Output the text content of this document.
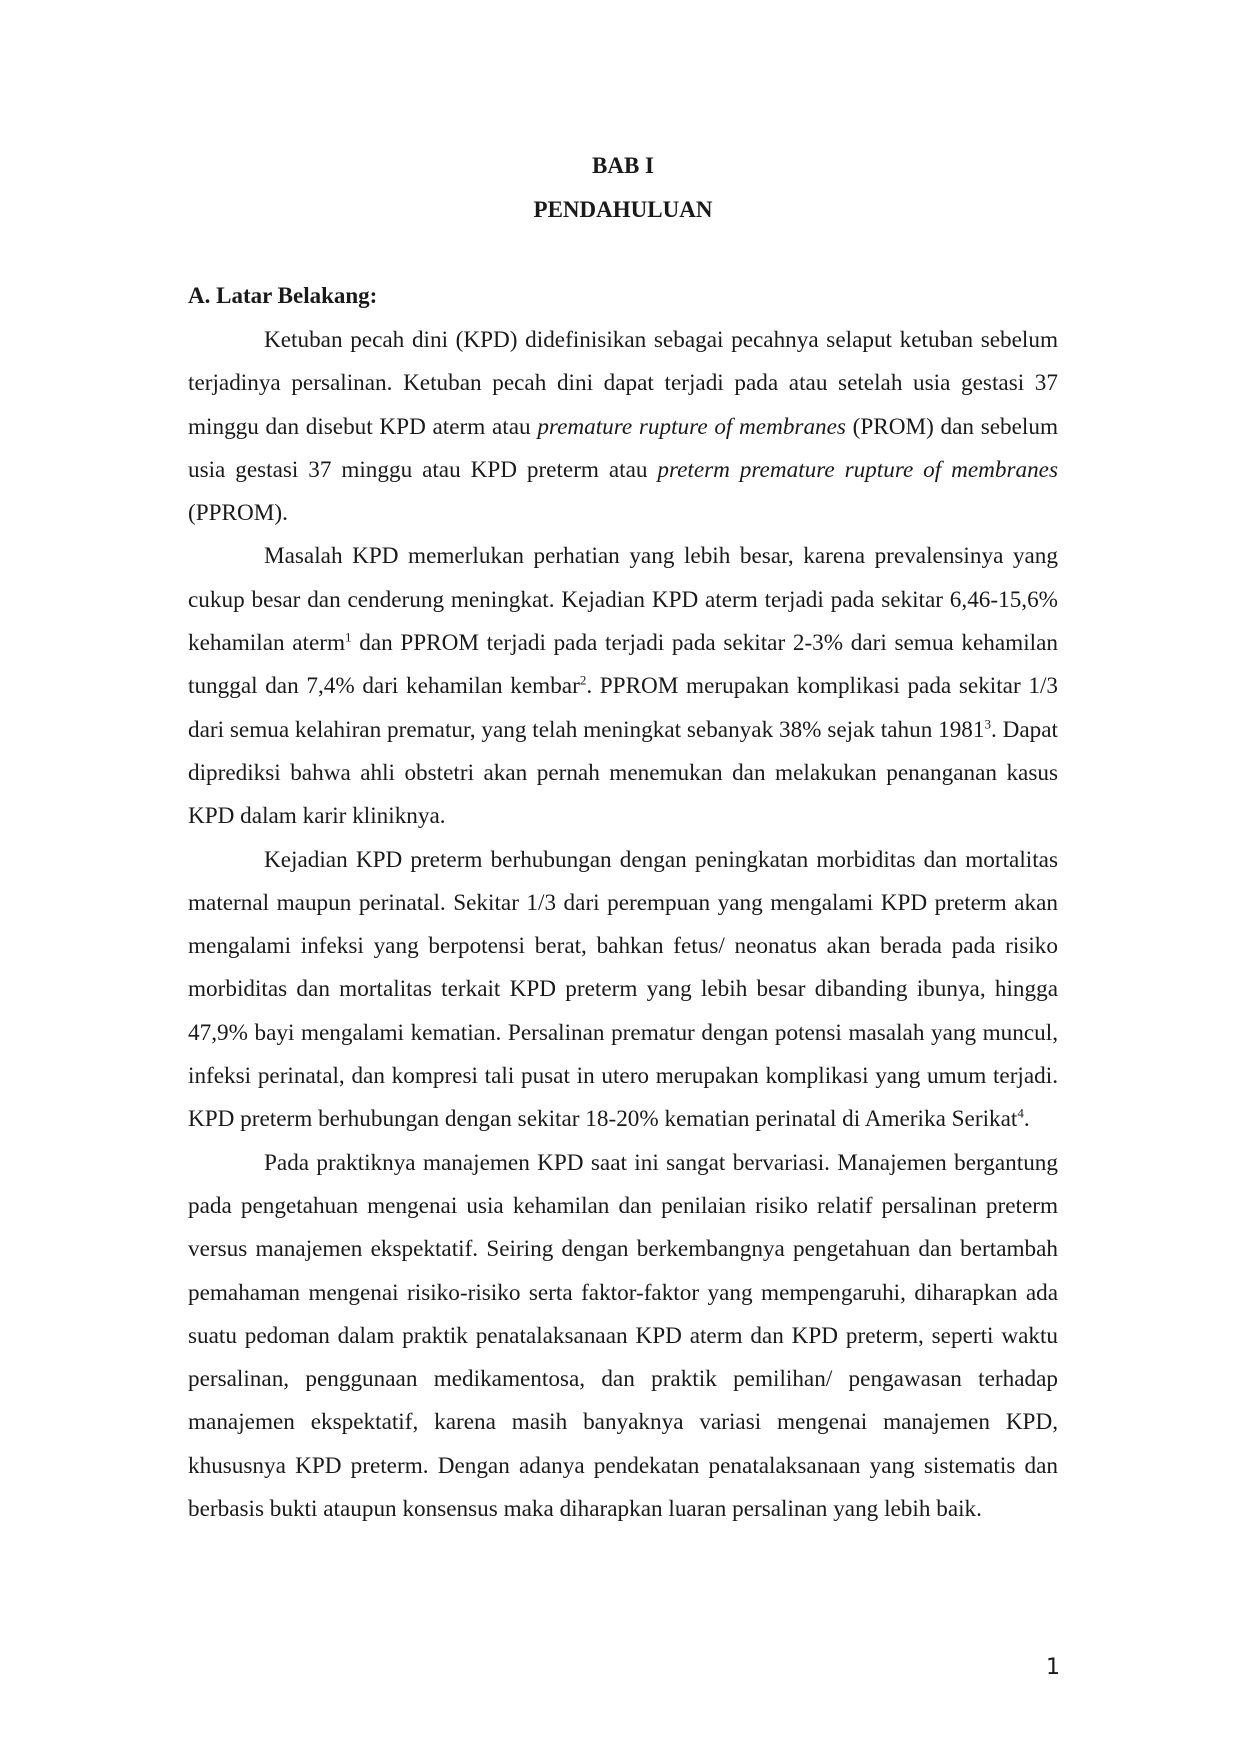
BAB I
PENDAHULUAN
A. Latar Belakang:

Ketuban pecah dini (KPD) didefinisikan sebagai pecahnya selaput ketuban sebelum terjadinya persalinan. Ketuban pecah dini dapat terjadi pada atau setelah usia gestasi 37 minggu dan disebut KPD aterm atau premature rupture of membranes (PROM) dan sebelum usia gestasi 37 minggu atau KPD preterm atau preterm premature rupture of membranes (PPROM).

Masalah KPD memerlukan perhatian yang lebih besar, karena prevalensinya yang cukup besar dan cenderung meningkat. Kejadian KPD aterm terjadi pada sekitar 6,46-15,6% kehamilan aterm$^1$ dan PPROM terjadi pada terjadi pada sekitar 2-3% dari semua kehamilan tunggal dan 7,4% dari kehamilan kembar$^2$. PPROM merupakan komplikasi pada sekitar 1/3 dari semua kelahiran prematur, yang telah meningkat sebanyak 38% sejak tahun 1981$^3$. Dapat diprediksi bahwa ahli obstetri akan pernah menemukan dan melakukan penanganan kasus KPD dalam karir kliniknya.

Kejadian KPD preterm berhubungan dengan peningkatan morbiditas dan mortalitas maternal maupun perinatal. Sekitar 1/3 dari perempuan yang mengalami KPD preterm akan mengalami infeksi yang berpotensi berat, bahkan fetus/ neonatus akan berada pada risiko morbiditas dan mortalitas terkait KPD preterm yang lebih besar dibanding ibunya, hingga 47,9% bayi mengalami kematian. Persalinan prematur dengan potensi masalah yang muncul, infeksi perinatal, dan kompresi tali pusat in utero merupakan komplikasi yang umum terjadi. KPD preterm berhubungan dengan sekitar 18-20% kematian perinatal di Amerika Serikat$^4$.

Pada praktiknya manajemen KPD saat ini sangat bervariasi. Manajemen bergantung pada pengetahuan mengenai usia kehamilan dan penilaian risiko relatif persalinan preterm versus manajemen ekspektatif. Seiring dengan berkembangnya pengetahuan dan bertambah pemahaman mengenai risiko-risiko serta faktor-faktor yang mempengaruhi, diharapkan ada suatu pedoman dalam praktik penatalaksanaan KPD aterm dan KPD preterm, seperti waktu persalinan, penggunaan medikamentosa, dan praktik pemilihan/ pengawasan terhadap manajemen ekspektatif, karena masih banyaknya variasi mengenai manajemen KPD, khususnya KPD preterm. Dengan adanya pendekatan penatalaksanaan yang sistematis dan berbasis bukti ataupun konsensus maka diharapkan luaran persalinan yang lebih baik.

1
